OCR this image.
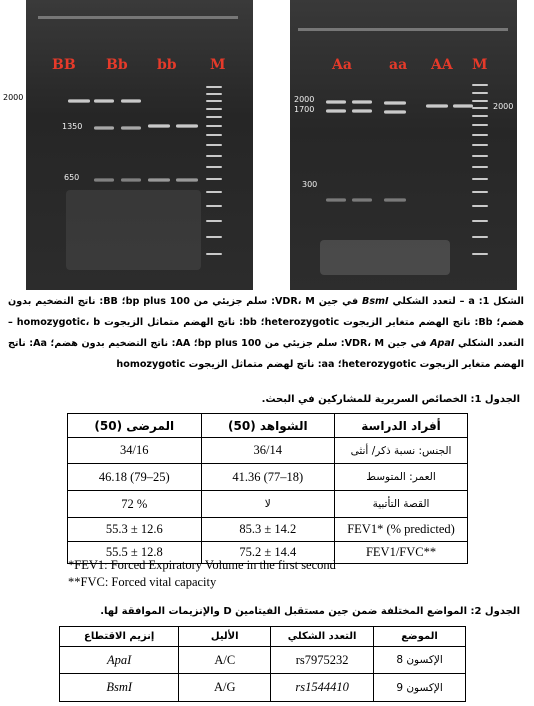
BB Bb bb M
1350
650
2000
Aa	aa AA M
2000
1700
300
2000
الشكل 1: a – لتعدد الشكلي BsmI في جين VDR، M: سلم جزيئي من 100 bp plus؛ BB: ناتج التضخيم بدون هضم؛ Bb: ناتج الهضم متغاير الزيجوت heterozygotic؛ bb: ناتج الهضم متماثل الزيجوت homozygotic، b – التعدد الشكلي ApaI في جين VDR، M: سلم جزيئي من 100 bp plus؛ AA: ناتج التضخيم بدون هضم؛ Aa: ناتج الهضم متغاير الزيجوت heterozygotic؛ aa: ناتج لهضم متماثل الزيجوت homozygotic
الجدول 1: الخصائص السريرية للمشاركين في البحث.
المرضى (50)	الشواهد (50)	أفراد الدراسة
34/16	36/14	الجنس: نسبة ذكر/ أنثى
46.18 (79–25)	41.36 (77–18)	العمر: المتوسط
72 %	لا	القصة التأتبية
55.3 ± 12.6	85.3 ± 14.2	FEV1* (% predicted)
55.5 ± 12.8	75.2 ± 14.4	FEV1/FVC**
*FEV1: Forced Expiratory Volume in the first second
**FVC: Forced vital capacity
الجدول 2: المواضع المختلفة ضمن جين مستقبل الفيتامين D والإنزيمات الموافقة لها.
إنزيم الاقتطاع	الأليل	التعدد الشكلي	الموضع
ApaI	A/C	rs7975232	الإكسون 8
BsmI	A/G	rs1544410	الإكسون 9
